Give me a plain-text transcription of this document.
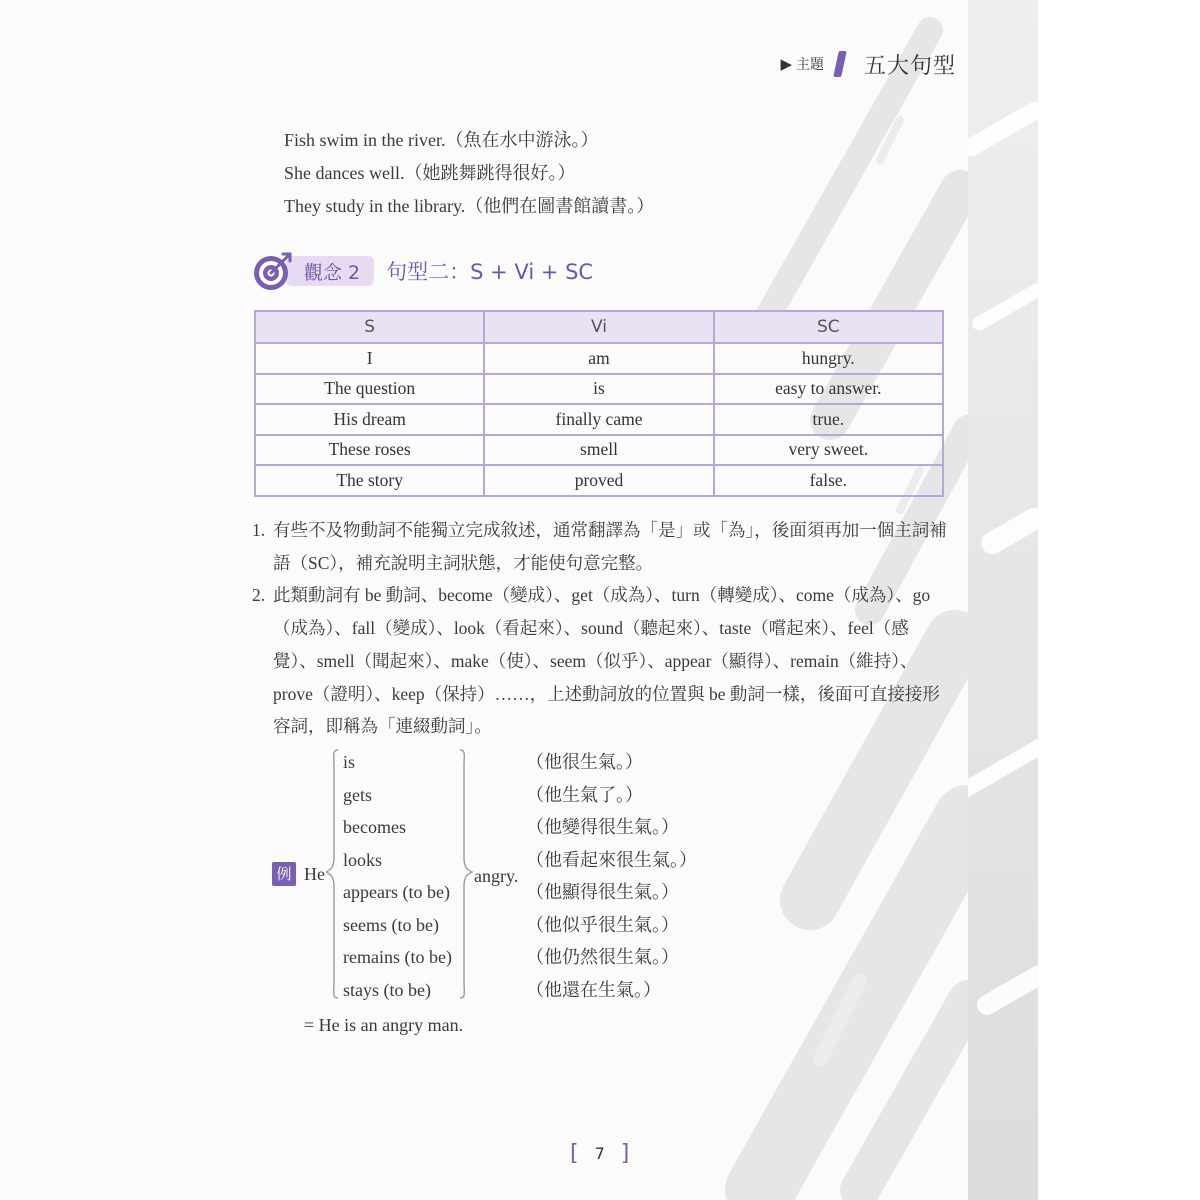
▶ 主題 五大句型
Fish swim in the river.（魚在水中游泳。）
She dances well.（她跳舞跳得很好。）
They study in the library.（他們在圖書館讀書。）
觀念 2	句型二：S + Vi + SC
S	Vi	SC
I	am	hungry.
The question	is	easy to answer.
His dream	finally came	true.
These roses	smell	very sweet.
The story	proved	false.
1. 有些不及物動詞不能獨立完成敘述，通常翻譯為「是」或「為」，後面須再加一個主詞補語（SC），補充說明主詞狀態，才能使句意完整。
2. 此類動詞有 be 動詞、become（變成）、get（成為）、turn（轉變成）、come（成為）、go（成為）、fall（變成）、look（看起來）、sound（聽起來）、taste（嚐起來）、feel（感覺）、smell（聞起來）、make（使）、seem（似乎）、appear（顯得）、remain（維持）、prove（證明）、keep（保持）……，上述動詞放的位置與 be 動詞一樣，後面可直接接形容詞，即稱為「連綴動詞」。
例 He
is
gets
becomes
looks
appears (to be)
seems (to be)
remains (to be)
stays (to be)
angry.
（他很生氣。）
（他生氣了。）
（他變得很生氣。）
（他看起來很生氣。）
（他顯得很生氣。）
（他似乎很生氣。）
（他仍然很生氣。）
（他還在生氣。）
= He is an angry man.
[ 7 ]
